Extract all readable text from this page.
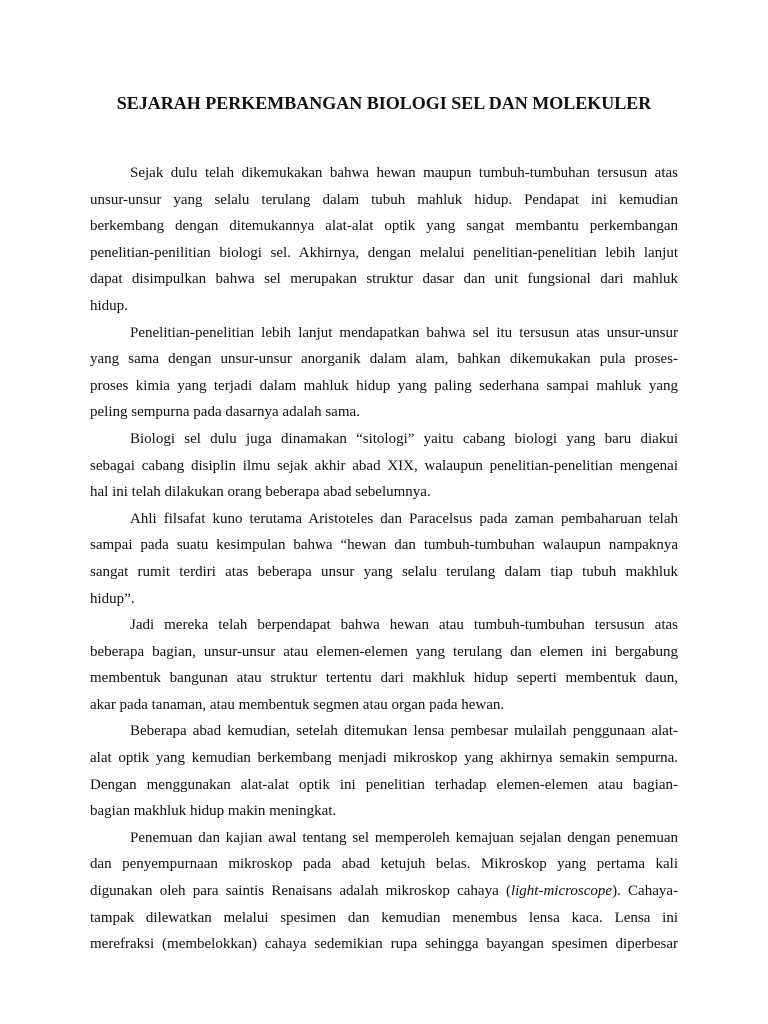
SEJARAH PERKEMBANGAN BIOLOGI SEL DAN MOLEKULER
Sejak dulu telah dikemukakan bahwa hewan maupun tumbuh-tumbuhan tersusun atas
unsur-unsur yang selalu terulang dalam tubuh mahluk hidup. Pendapat ini kemudian
berkembang dengan ditemukannya alat-alat optik yang sangat membantu perkembangan
penelitian-penilitian biologi sel. Akhirnya, dengan melalui penelitian-penelitian lebih lanjut
dapat disimpulkan bahwa sel merupakan struktur dasar dan unit fungsional dari mahluk
hidup.
Penelitian-penelitian lebih lanjut mendapatkan bahwa sel itu tersusun atas unsur-unsur
yang sama dengan unsur-unsur anorganik dalam alam, bahkan dikemukakan pula proses-
proses kimia yang terjadi dalam mahluk hidup yang paling sederhana sampai mahluk yang
peling sempurna pada dasarnya adalah sama.
Biologi sel dulu juga dinamakan “sitologi” yaitu cabang biologi yang baru diakui
sebagai cabang disiplin ilmu sejak akhir abad XIX, walaupun penelitian-penelitian mengenai
hal ini telah dilakukan orang beberapa abad sebelumnya.
Ahli filsafat kuno terutama Aristoteles dan Paracelsus pada zaman pembaharuan telah
sampai pada suatu kesimpulan bahwa “hewan dan tumbuh-tumbuhan walaupun nampaknya
sangat rumit terdiri atas beberapa unsur yang selalu terulang dalam tiap tubuh makhluk
hidup”.
Jadi mereka telah berpendapat bahwa hewan atau tumbuh-tumbuhan tersusun atas
beberapa bagian, unsur-unsur atau elemen-elemen yang terulang dan elemen ini bergabung
membentuk bangunan atau struktur tertentu dari makhluk hidup seperti membentuk daun,
akar pada tanaman, atau membentuk segmen atau organ pada hewan.
Beberapa abad kemudian, setelah ditemukan lensa pembesar mulailah penggunaan alat-
alat optik yang kemudian berkembang menjadi mikroskop yang akhirnya semakin sempurna.
Dengan menggunakan alat-alat optik ini penelitian terhadap elemen-elemen atau bagian-
bagian makhluk hidup makin meningkat.
Penemuan dan kajian awal tentang sel memperoleh kemajuan sejalan dengan penemuan
dan penyempurnaan mikroskop pada abad ketujuh belas. Mikroskop yang pertama kali
digunakan oleh para saintis Renaisans adalah mikroskop cahaya (light-microscope). Cahaya-
tampak dilewatkan melalui spesimen dan kemudian menembus lensa kaca. Lensa ini
merefraksi (membelokkan) cahaya sedemikian rupa sehingga bayangan spesimen diperbesar
